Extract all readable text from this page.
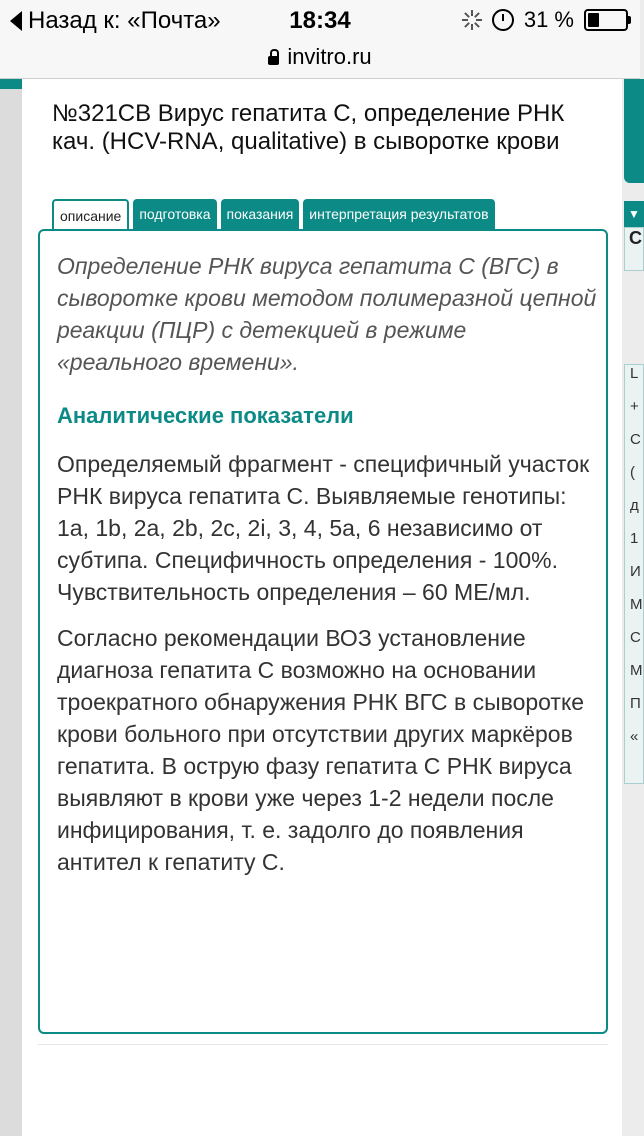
Назад к: «Почта»	18:34	31 %
invitro.ru
▼
C
L
+
C
(
д
1
И
М
С
М
П
«
№321CB Вирус гепатита С, определение РНК кач. (HCV-RNA, qualitative) в сыворотке крови
описание	подготовка	показания	интерпретация результатов

Определение РНК вируса гепатита С (ВГС) в сыворотке крови методом полимеразной цепной реакции (ПЦР) с детекцией в режиме «реального времени».

Аналитические показатели

Определяемый фрагмент - специфичный участок РНК вируса гепатита С. Выявляемые генотипы: 1a, 1b, 2a, 2b, 2c, 2i, 3, 4, 5a, 6 независимо от субтипа. Специфичность определения - 100%. Чувствительность определения – 60 МЕ/мл.

Согласно рекомендации ВОЗ установление диагноза гепатита С возможно на основании троекратного обнаружения РНК ВГС в сыворотке крови больного при отсутствии других маркёров гепатита. В острую фазу гепатита С РНК вируса выявляют в крови уже через 1-2 недели после инфицирования, т. е. задолго до появления антител к гепатиту С.
